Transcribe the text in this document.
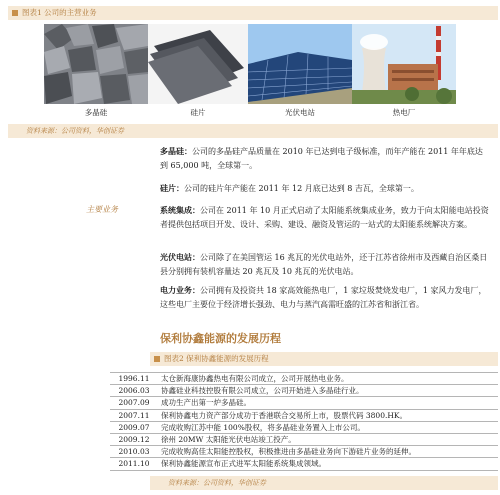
图表1 公司的主营业务
多晶硅	硅片	光伏电站	热电厂
资料来源：公司资料，华创证券
主要业务

多晶硅：公司的多晶硅产品质量在 2010 年已达到电子级标准，而年产能在 2011 年年底达到 65,000 吨，全球第一。

硅片：公司的硅片年产能在 2011 年 12 月底已达到 8 吉瓦，全球第一。

系统集成：公司在 2011 年 10 月正式启动了太阳能系统集成业务，致力于向太阳能电站投资者提供包括项目开发、设计、采购、建设、融资及管运的一站式的太阳能系统解决方案。

光伏电站：公司除了在美国管运 16 兆瓦的光伏电站外，还于江苏省徐州市及西藏自治区桑日县分别拥有装机容量达 20 兆瓦及 10 兆瓦的光伏电站。

电力业务：公司拥有及投资共 18 家高效能热电厂，1 家垃圾焚烧发电厂，1 家风力发电厂，这些电厂主要位于经济增长强劲、电力与蒸汽高需旺盛的江苏省和浙江省。

保利协鑫能源的发展历程
图表2 保利协鑫能源的发展历程
1996.11	太仓新海康协鑫热电有限公司成立，公司开展热电业务。
2006.03	协鑫硅业科技控股有限公司成立，公司开始进入多晶硅行业。
2007.09	成功生产出第一炉多晶硅。
2007.11	保利协鑫电力资产部分成功于香港联合交易所上市，股票代码 3800.HK。
2009.07	完成收购江苏中能 100%股权，将多晶硅业务置入上市公司。
2009.12	徐州 20MW 太阳能光伏电站竣工投产。
2010.03	完成收购高佳太阳能控股权，积极推进由多晶硅业务向下游硅片业务的延伸。
2011.10	保利协鑫能源宣布正式进军太阳能系统集成领域。
资料来源：公司资料，华创证券
